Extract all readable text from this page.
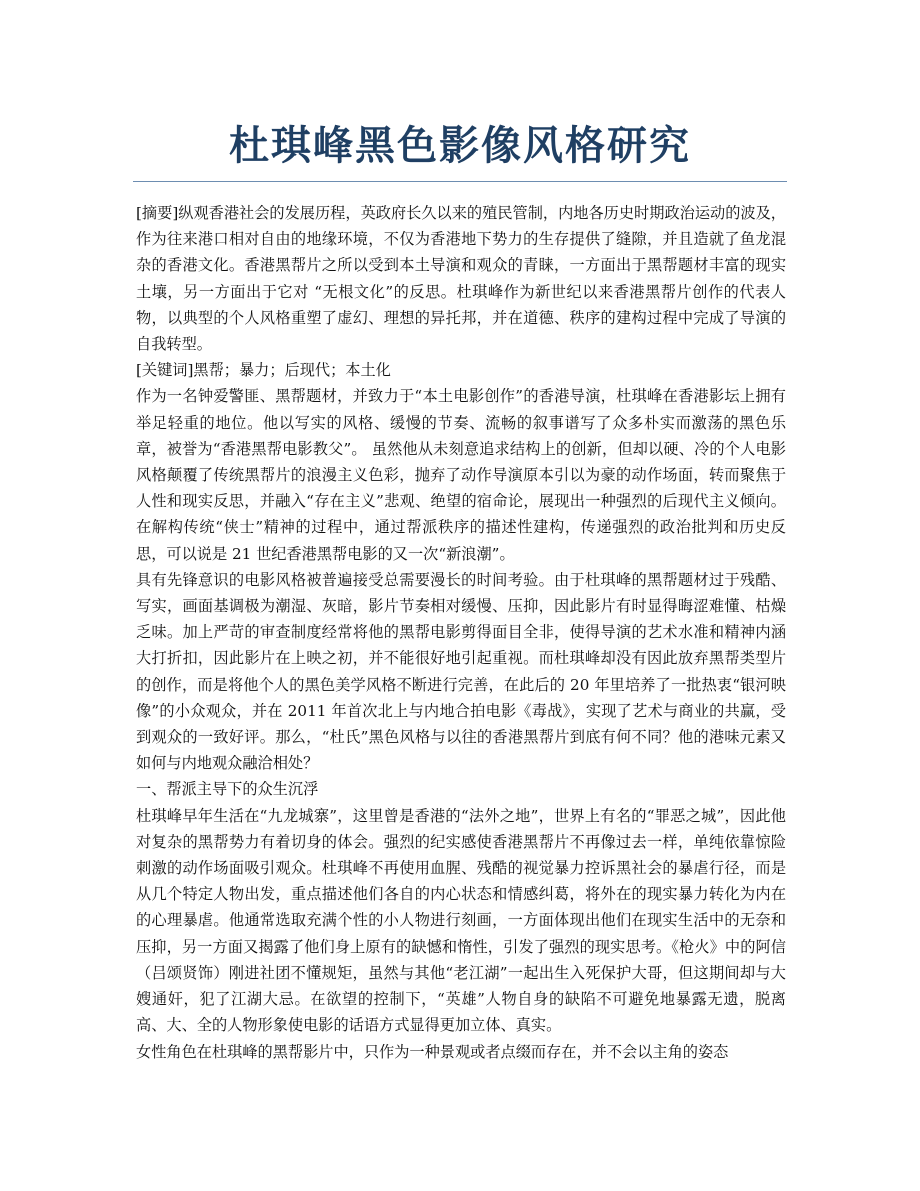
杜琪峰黑色影像风格研究

[摘要]纵观香港社会的发展历程，英政府长久以来的殖民管制，内地各历史时期政治运动的波及，作为往来港口相对自由的地缘环境，不仅为香港地下势力的生存提供了缝隙，并且造就了鱼龙混杂的香港文化。香港黑帮片之所以受到本土导演和观众的青睐，一方面出于黑帮题材丰富的现实土壤，另一方面出于它对 “无根文化”的反思。杜琪峰作为新世纪以来香港黑帮片创作的代表人物，以典型的个人风格重塑了虚幻、理想的异托邦，并在道德、秩序的建构过程中完成了导演的自我转型。

[关键词]黑帮；暴力；后现代；本土化

作为一名钟爱警匪、黑帮题材，并致力于“本土电影创作”的香港导演，杜琪峰在香港影坛上拥有举足轻重的地位。他以写实的风格、缓慢的节奏、流畅的叙事谱写了众多朴实而激荡的黑色乐章，被誉为“香港黑帮电影教父”。 虽然他从未刻意追求结构上的创新，但却以硬、冷的个人电影风格颠覆了传统黑帮片的浪漫主义色彩，抛弃了动作导演原本引以为豪的动作场面，转而聚焦于人性和现实反思，并融入“存在主义”悲观、绝望的宿命论，展现出一种强烈的后现代主义倾向。在解构传统“侠士”精神的过程中，通过帮派秩序的描述性建构，传递强烈的政治批判和历史反思，可以说是 21 世纪香港黑帮电影的又一次“新浪潮”。

具有先锋意识的电影风格被普遍接受总需要漫长的时间考验。由于杜琪峰的黑帮题材过于残酷、写实，画面基调极为潮湿、灰暗，影片节奏相对缓慢、压抑，因此影片有时显得晦涩难懂、枯燥乏味。加上严苛的审查制度经常将他的黑帮电影剪得面目全非，使得导演的艺术水准和精神内涵大打折扣，因此影片在上映之初，并不能很好地引起重视。而杜琪峰却没有因此放弃黑帮类型片的创作，而是将他个人的黑色美学风格不断进行完善，在此后的 20 年里培养了一批热衷“银河映像”的小众观众，并在 2011 年首次北上与内地合拍电影《毒战》，实现了艺术与商业的共赢，受到观众的一致好评。那么，“杜氏”黑色风格与以往的香港黑帮片到底有何不同？他的港味元素又如何与内地观众融洽相处？

一、帮派主导下的众生沉浮

杜琪峰早年生活在“九龙城寨”，这里曾是香港的“法外之地”，世界上有名的“罪恶之城”，因此他对复杂的黑帮势力有着切身的体会。强烈的纪实感使香港黑帮片不再像过去一样，单纯依靠惊险刺激的动作场面吸引观众。杜琪峰不再使用血腥、残酷的视觉暴力控诉黑社会的暴虐行径，而是从几个特定人物出发，重点描述他们各自的内心状态和情感纠葛，将外在的现实暴力转化为内在的心理暴虐。他通常选取充满个性的小人物进行刻画，一方面体现出他们在现实生活中的无奈和压抑，另一方面又揭露了他们身上原有的缺憾和惰性，引发了强烈的现实思考。《枪火》中的阿信（吕颂贤饰）刚进社团不懂规矩，虽然与其他“老江湖”一起出生入死保护大哥，但这期间却与大嫂通奸，犯了江湖大忌。在欲望的控制下，“英雄”人物自身的缺陷不可避免地暴露无遗，脱离高、大、全的人物形象使电影的话语方式显得更加立体、真实。

女性角色在杜琪峰的黑帮影片中，只作为一种景观或者点缀而存在，并不会以主角的姿态
